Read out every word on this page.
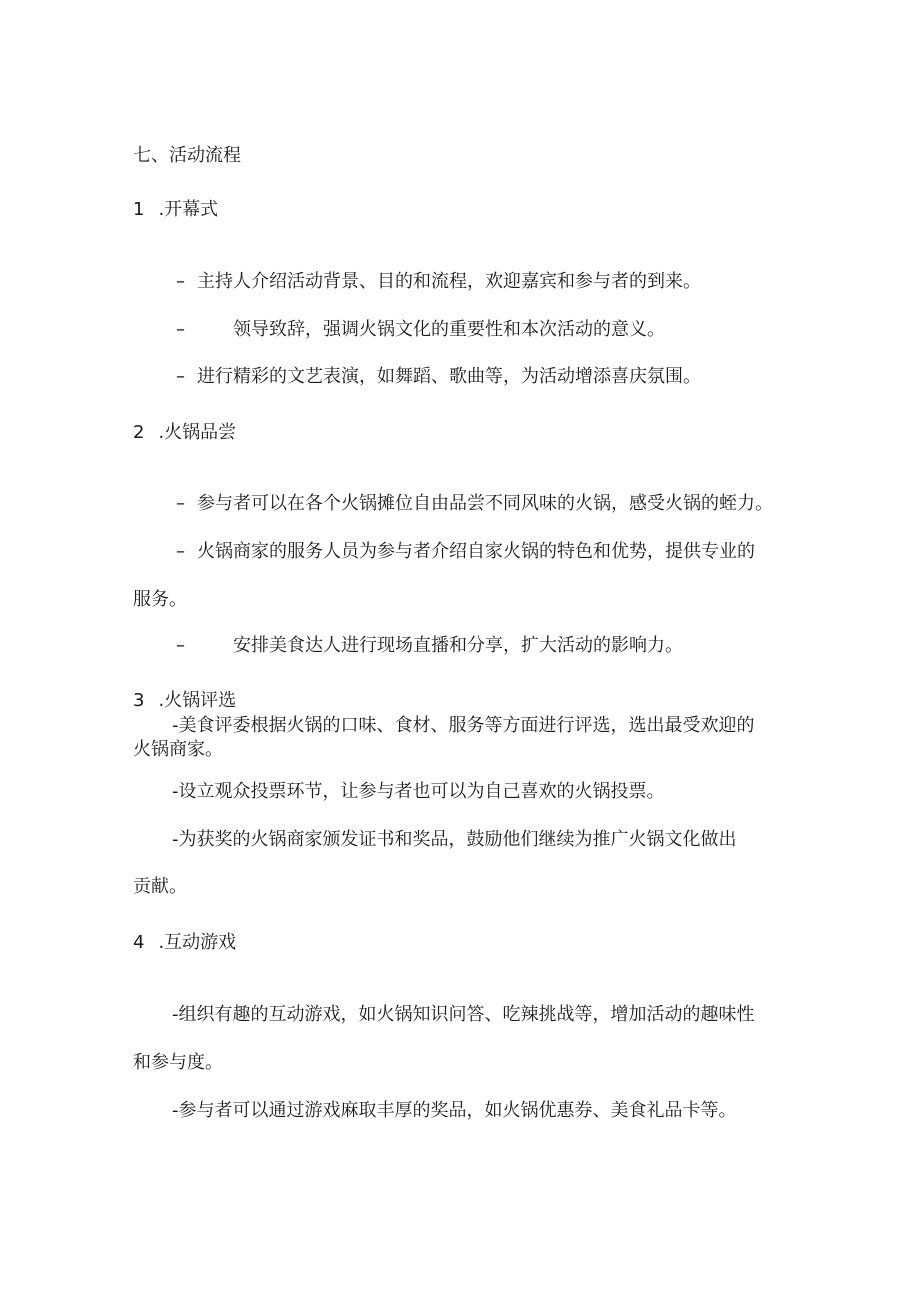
七、活动流程
1 .开幕式
– 主持人介绍活动背景、目的和流程，欢迎嘉宾和参与者的到来。
–	领导致辞，强调火锅文化的重要性和本次活动的意义。
– 进行精彩的文艺表演，如舞蹈、歌曲等，为活动增添喜庆氛围。
2 .火锅品尝
– 参与者可以在各个火锅摊位自由品尝不同风味的火锅，感受火锅的蛭力。
– 火锅商家的服务人员为参与者介绍自家火锅的特色和优势，提供专业的
服务。
–	安排美食达人进行现场直播和分享，扩大活动的影响力。
3 .火锅评选
-美食评委根据火锅的口味、食材、服务等方面进行评选，选出最受欢迎的
火锅商家。
-设立观众投票环节，让参与者也可以为自己喜欢的火锅投票。
-为获奖的火锅商家颁发证书和奖品，鼓励他们继续为推广火锅文化做出
贡献。
4 .互动游戏
-组织有趣的互动游戏，如火锅知识问答、吃辣挑战等，增加活动的趣味性
和参与度。
-参与者可以通过游戏麻取丰厚的奖品，如火锅优惠券、美食礼品卡等。
